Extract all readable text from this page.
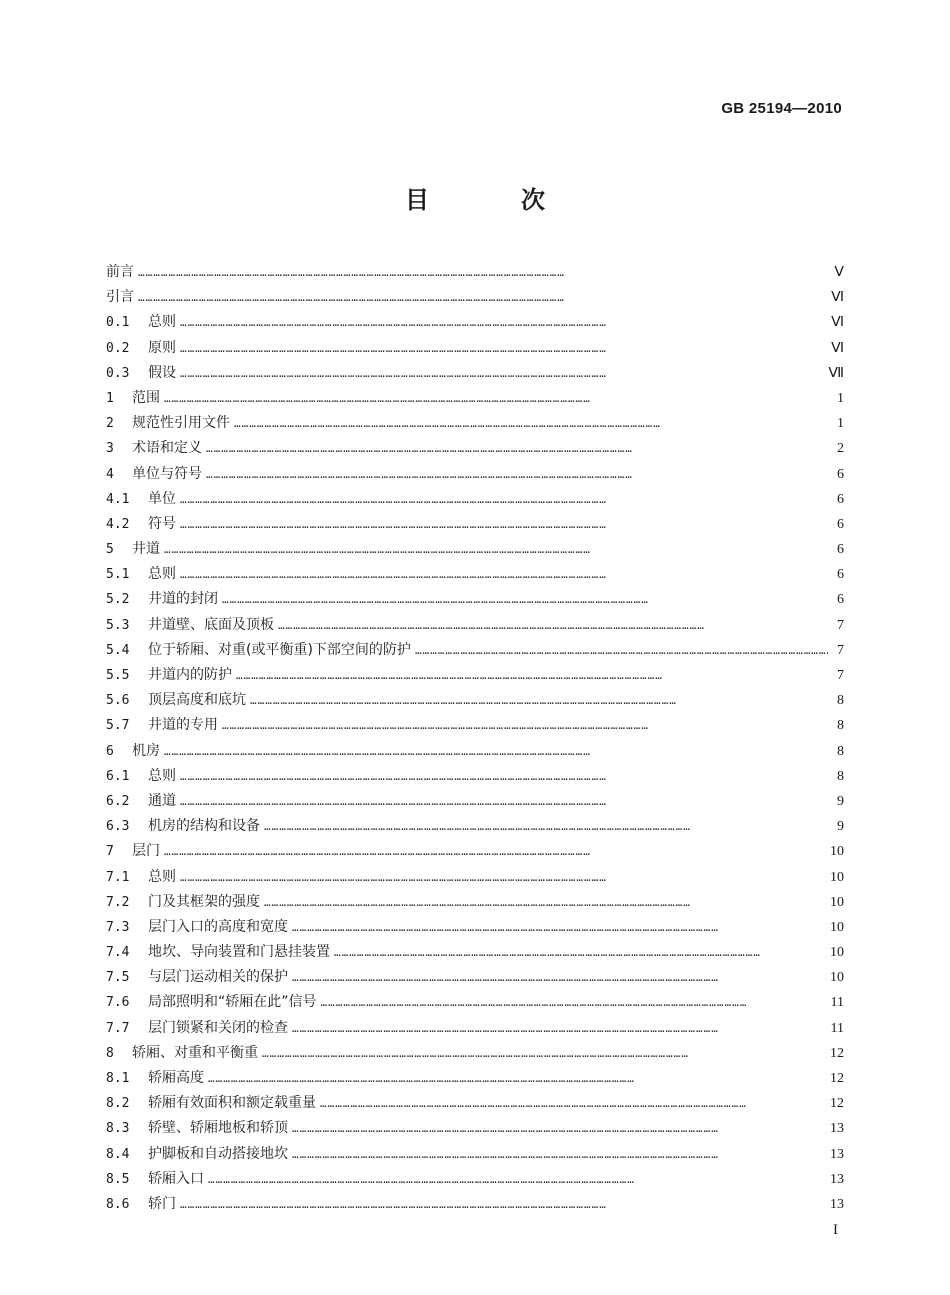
GB 25194—2010
目　次
前言 ……………………………………………………………………………………………………………………………………………………	Ⅴ
引言 ……………………………………………………………………………………………………………………………………………………	Ⅵ
0.1	总则 ……………………………………………………………………………………………………………………………………………………	Ⅵ
0.2	原则 ……………………………………………………………………………………………………………………………………………………	Ⅵ
0.3	假设 ……………………………………………………………………………………………………………………………………………………	Ⅶ
1	范围 ……………………………………………………………………………………………………………………………………………………	1
2	规范性引用文件 ……………………………………………………………………………………………………………………………………………………	1
3	术语和定义 ……………………………………………………………………………………………………………………………………………………	2
4	单位与符号 ……………………………………………………………………………………………………………………………………………………	6
4.1	单位 ……………………………………………………………………………………………………………………………………………………	6
4.2	符号 ……………………………………………………………………………………………………………………………………………………	6
5	井道 ……………………………………………………………………………………………………………………………………………………	6
5.1	总则 ……………………………………………………………………………………………………………………………………………………	6
5.2	井道的封闭 ……………………………………………………………………………………………………………………………………………………	6
5.3	井道壁、底面及顶板 ……………………………………………………………………………………………………………………………………………………	7
5.4	位于轿厢、对重(或平衡重)下部空间的防护 ……………………………………………………………………………………………………………………………………………………	7
5.5	井道内的防护 ……………………………………………………………………………………………………………………………………………………	7
5.6	顶层高度和底坑 ……………………………………………………………………………………………………………………………………………………	8
5.7	井道的专用 ……………………………………………………………………………………………………………………………………………………	8
6	机房 ……………………………………………………………………………………………………………………………………………………	8
6.1	总则 ……………………………………………………………………………………………………………………………………………………	8
6.2	通道 ……………………………………………………………………………………………………………………………………………………	9
6.3	机房的结构和设备 ……………………………………………………………………………………………………………………………………………………	9
7	层门 ……………………………………………………………………………………………………………………………………………………	10
7.1	总则 ……………………………………………………………………………………………………………………………………………………	10
7.2	门及其框架的强度 ……………………………………………………………………………………………………………………………………………………	10
7.3	层门入口的高度和宽度 ……………………………………………………………………………………………………………………………………………………	10
7.4	地坎、导向装置和门悬挂装置 ……………………………………………………………………………………………………………………………………………………	10
7.5	与层门运动相关的保护 ……………………………………………………………………………………………………………………………………………………	10
7.6	局部照明和“轿厢在此”信号 ……………………………………………………………………………………………………………………………………………………	11
7.7	层门锁紧和关闭的检查 ……………………………………………………………………………………………………………………………………………………	11
8	轿厢、对重和平衡重 ……………………………………………………………………………………………………………………………………………………	12
8.1	轿厢高度 ……………………………………………………………………………………………………………………………………………………	12
8.2	轿厢有效面积和额定载重量 ……………………………………………………………………………………………………………………………………………………	12
8.3	轿壁、轿厢地板和轿顶 ……………………………………………………………………………………………………………………………………………………	13
8.4	护脚板和自动搭接地坎 ……………………………………………………………………………………………………………………………………………………	13
8.5	轿厢入口 ……………………………………………………………………………………………………………………………………………………	13
8.6	轿门 ……………………………………………………………………………………………………………………………………………………	13
I
